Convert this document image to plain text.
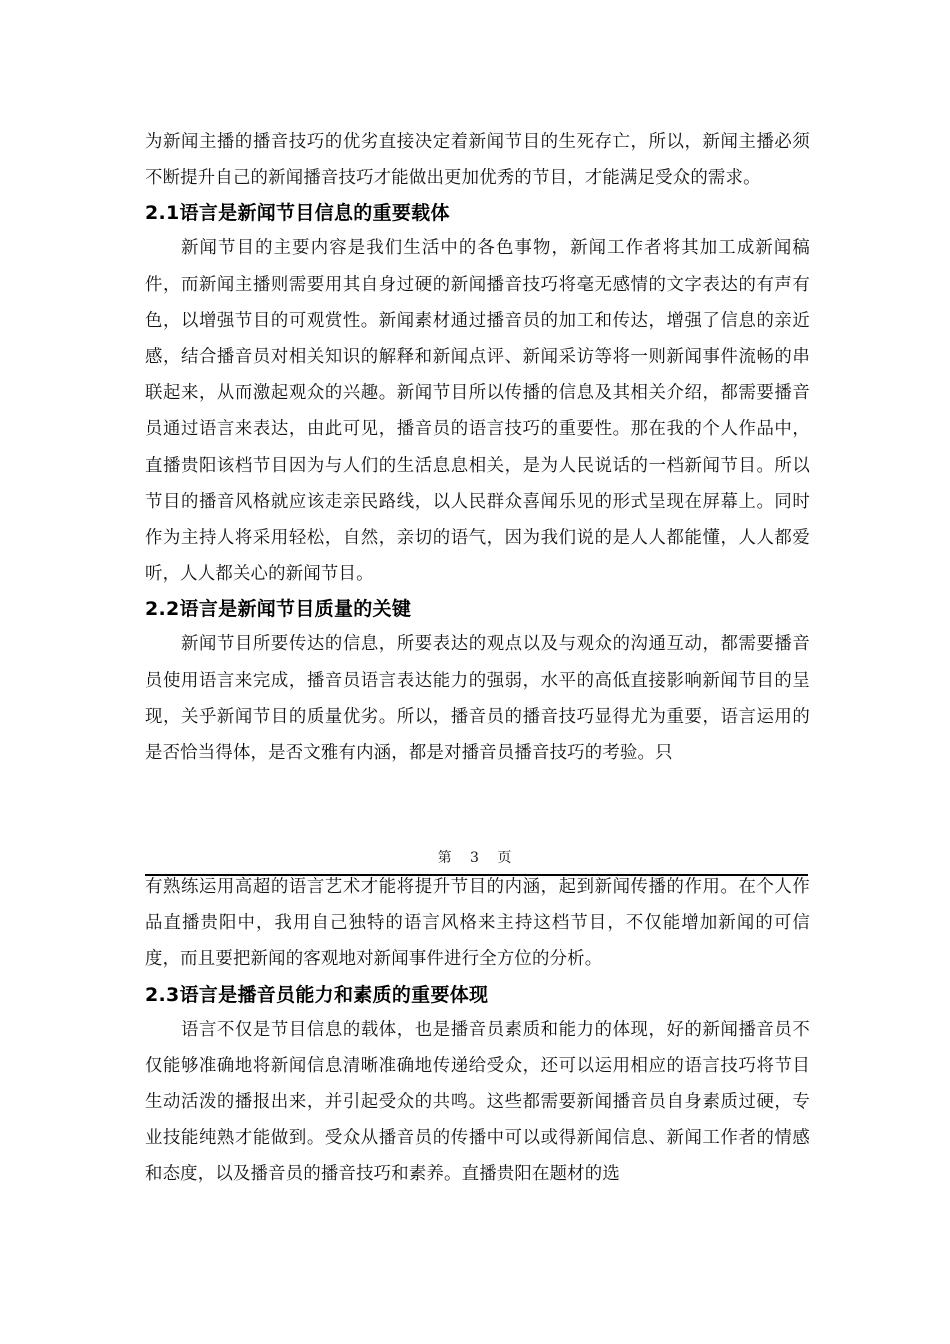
为新闻主播的播音技巧的优劣直接决定着新闻节目的生死存亡，所以，新闻主播必须不断提升自己的新闻播音技巧才能做出更加优秀的节目，才能满足受众的需求。

2.1语言是新闻节目信息的重要载体

新闻节目的主要内容是我们生活中的各色事物，新闻工作者将其加工成新闻稿件，而新闻主播则需要用其自身过硬的新闻播音技巧将毫无感情的文字表达的有声有色，以增强节目的可观赏性。新闻素材通过播音员的加工和传达，增强了信息的亲近感，结合播音员对相关知识的解释和新闻点评、新闻采访等将一则新闻事件流畅的串联起来，从而激起观众的兴趣。新闻节目所以传播的信息及其相关介绍，都需要播音员通过语言来表达，由此可见，播音员的语言技巧的重要性。那在我的个人作品中，直播贵阳该档节目因为与人们的生活息息相关，是为人民说话的一档新闻节目。所以节目的播音风格就应该走亲民路线，以人民群众喜闻乐见的形式呈现在屏幕上。同时作为主持人将采用轻松，自然，亲切的语气，因为我们说的是人人都能懂，人人都爱听，人人都关心的新闻节目。

2.2语言是新闻节目质量的关键

新闻节目所要传达的信息，所要表达的观点以及与观众的沟通互动，都需要播音员使用语言来完成，播音员语言表达能力的强弱，水平的高低直接影响新闻节目的呈现，关乎新闻节目的质量优劣。所以，播音员的播音技巧显得尤为重要，语言运用的是否恰当得体，是否文雅有内涵，都是对播音员播音技巧的考验。只

第 3 页

有熟练运用高超的语言艺术才能将提升节目的内涵，起到新闻传播的作用。在个人作品直播贵阳中，我用自己独特的语言风格来主持这档节目，不仅能增加新闻的可信度，而且要把新闻的客观地对新闻事件进行全方位的分析。

2.3语言是播音员能力和素质的重要体现

语言不仅是节目信息的载体，也是播音员素质和能力的体现，好的新闻播音员不仅能够准确地将新闻信息清晰准确地传递给受众，还可以运用相应的语言技巧将节目生动活泼的播报出来，并引起受众的共鸣。这些都需要新闻播音员自身素质过硬，专业技能纯熟才能做到。受众从播音员的传播中可以或得新闻信息、新闻工作者的情感和态度，以及播音员的播音技巧和素养。直播贵阳在题材的选
